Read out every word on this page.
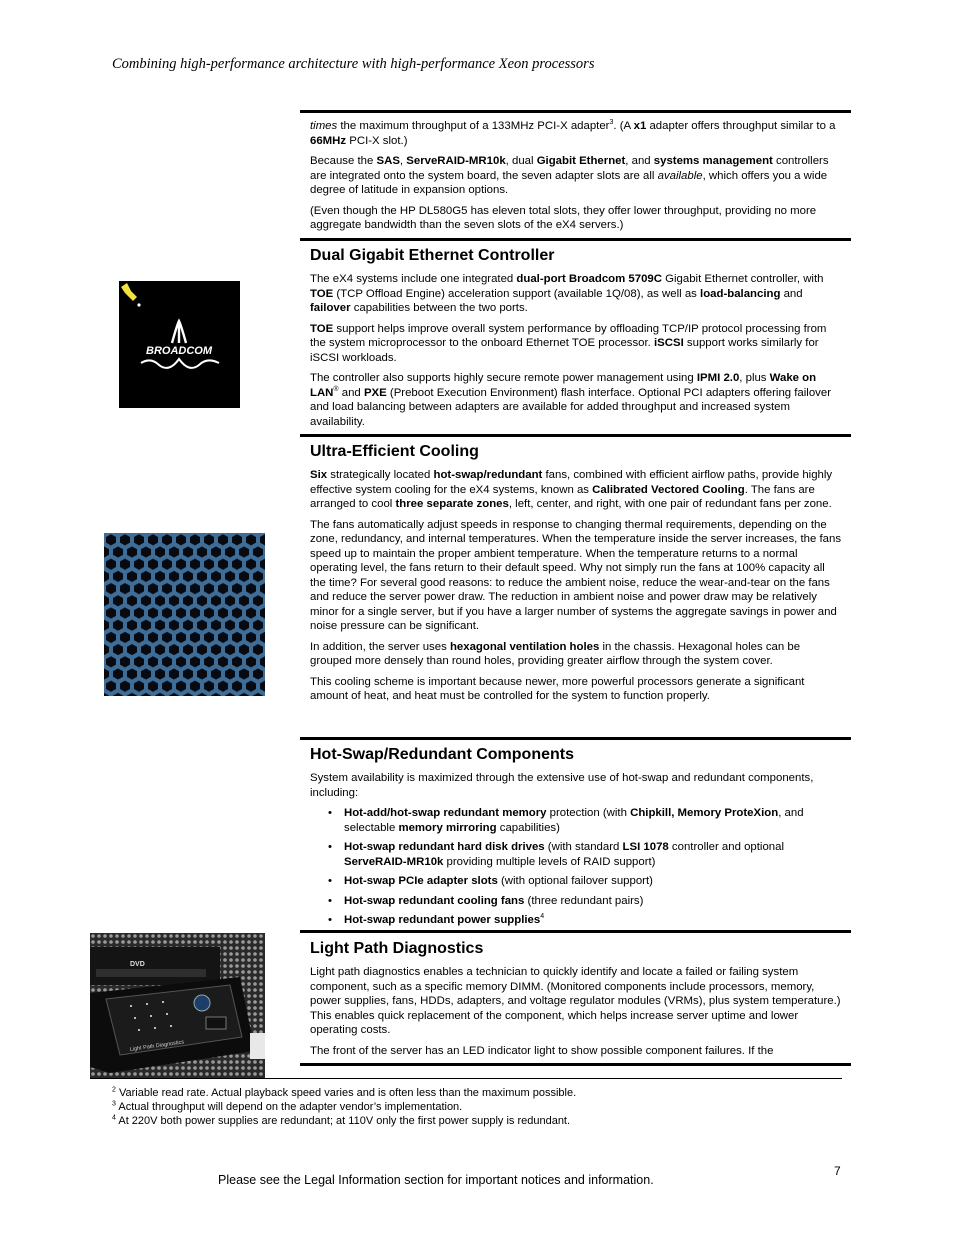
Combining high-performance architecture with high-performance Xeon processors

times the maximum throughput of a 133MHz PCI-X adapter$^3$. (A x1 adapter offers throughput similar to a 66MHz PCI-X slot.)

Because the SAS, ServeRAID-MR10k, dual Gigabit Ethernet, and systems management controllers are integrated onto the system board, the seven adapter slots are all available, which offers you a wide degree of latitude in expansion options.

(Even though the HP DL580G5 has eleven total slots, they offer lower throughput, providing no more aggregate bandwidth than the seven slots of the eX4 servers.)

BROADCOM
Dual Gigabit Ethernet Controller

The eX4 systems include one integrated dual-port Broadcom 5709C Gigabit Ethernet controller, with TOE (TCP Offload Engine) acceleration support (available 1Q/08), as well as load-balancing and failover capabilities between the two ports.

TOE support helps improve overall system performance by offloading TCP/IP protocol processing from the system microprocessor to the onboard Ethernet TOE processor. iSCSI support works similarly for iSCSI workloads.

The controller also supports highly secure remote power management using IPMI 2.0, plus Wake on LAN® and PXE (Preboot Execution Environment) flash interface. Optional PCI adapters offering failover and load balancing between adapters are available for added throughput and increased system availability.

Ultra-Efficient Cooling

Six strategically located hot-swap/redundant fans, combined with efficient airflow paths, provide highly effective system cooling for the eX4 systems, known as Calibrated Vectored Cooling. The fans are arranged to cool three separate zones, left, center, and right, with one pair of redundant fans per zone.

The fans automatically adjust speeds in response to changing thermal requirements, depending on the zone, redundancy, and internal temperatures. When the temperature inside the server increases, the fans speed up to maintain the proper ambient temperature. When the temperature returns to a normal operating level, the fans return to their default speed. Why not simply run the fans at 100% capacity all the time? For several good reasons: to reduce the ambient noise, reduce the wear-and-tear on the fans and reduce the server power draw. The reduction in ambient noise and power draw may be relatively minor for a single server, but if you have a larger number of systems the aggregate savings in power and noise pressure can be significant.

In addition, the server uses hexagonal ventilation holes in the chassis. Hexagonal holes can be grouped more densely than round holes, providing greater airflow through the system cover.

This cooling scheme is important because newer, more powerful processors generate a significant amount of heat, and heat must be controlled for the system to function properly.

Hot-Swap/Redundant Components

System availability is maximized through the extensive use of hot-swap and redundant components, including:

• Hot-add/hot-swap redundant memory protection (with Chipkill, Memory ProteXion, and selectable memory mirroring capabilities)
• Hot-swap redundant hard disk drives (with standard LSI 1078 controller and optional ServeRAID-MR10k providing multiple levels of RAID support)
• Hot-swap PCIe adapter slots (with optional failover support)
• Hot-swap redundant cooling fans (three redundant pairs)
• Hot-swap redundant power supplies$^4$
DVD
Light Path Diagnostics
Light Path Diagnostics

Light path diagnostics enables a technician to quickly identify and locate a failed or failing system component, such as a specific memory DIMM. (Monitored components include processors, memory, power supplies, fans, HDDs, adapters, and voltage regulator modules (VRMs), plus system temperature.) This enables quick replacement of the component, which helps increase server uptime and lower operating costs.

The front of the server has an LED indicator light to show possible component failures. If the

$^2$ Variable read rate. Actual playback speed varies and is often less than the maximum possible.
$^3$ Actual throughput will depend on the adapter vendor’s implementation.
$^4$ At 220V both power supplies are redundant; at 110V only the first power supply is redundant.
7
Please see the Legal Information section for important notices and information.
